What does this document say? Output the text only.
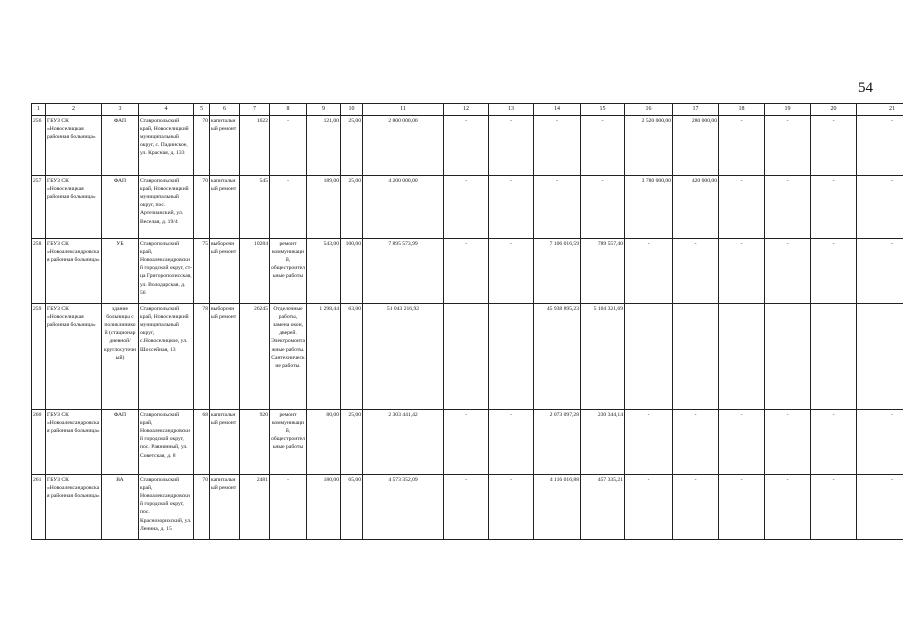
54
1	2	3	4	5	6	7	8	9	10	11	12	13	14	15	16	17	18	19	20	21
256	ГБУЗ СК «Новоселицкая районная больница»	ФАП	Ставропольский край, Новоселицкий муниципальный округ, с. Падинское, ул. Красная, д. 133	70	капитальный ремонт	1622	-	121,00	25,00	2 800 000,00	-	-	-	-	2 520 000,00	280 000,00	-	-	-	-
257	ГБУЗ СК «Новоселицкая районная больница»	ФАП	Ставропольский край, Новоселицкий муниципальный округ, пос. Артезианский, ул. Веселая, д. 19/4	70	капитальный ремонт	545	-	189,00	25,00	4 200 000,00	-	-	-	-	3 780 000,00	420 000,00	-	-	-	-
258	ГБУЗ СК «Новоалександровская районная больница»	УБ	Ставропольский край, Новоалександровский городской округ, ст-ца Григорополисская, ул. Володарская, д. 56	75	выборочный ремонт	10284	ремонт коммуникаций, общестроительные работы	543,00	100,00	7 895 573,99	-	-	7 106 016,59	789 557,40	-	-	-	-	-	-
259	ГБУЗ СК «Новоселицкая районная больница»	здание больницы с поликлиникой (стационар дневной/круглосуточный)	Ставропольский край, Новоселицкий муниципальный округ, с.Новоселицкое, ул. Шоссейная, 13	78	выборочный ремонт	26245	Отделочные работы, замена окон, дверей. Электромонтажные работы. Сантехнические работы.	1 298,44	63,00	51 043 216,92			45 938 895,23	5 104 321,69						
260	ГБУЗ СК «Новоалександровская районная больница»	ФАП	Ставропольский край, Новоалександровский городской округ, пос. Равнинный, ул. Советская, д. 8	68	капитальный ремонт	920	ремонт коммуникаций, общестроительные работы	80,00	25,00	2 303 441,42	-	-	2 073 097,28	230 344,14	-	-	-	-	-	-
261	ГБУЗ СК «Новоалександровская районная больница»	ВА	Ставропольский край, Новоалександровский городской округ, пос. Краснозорихский, ул. Ленина, д. 15	70	капитальный ремонт	2481	-	180,00	65,00	4 573 352,09	-	-	4 116 016,88	457 335,21	-	-	-	-	-	-
